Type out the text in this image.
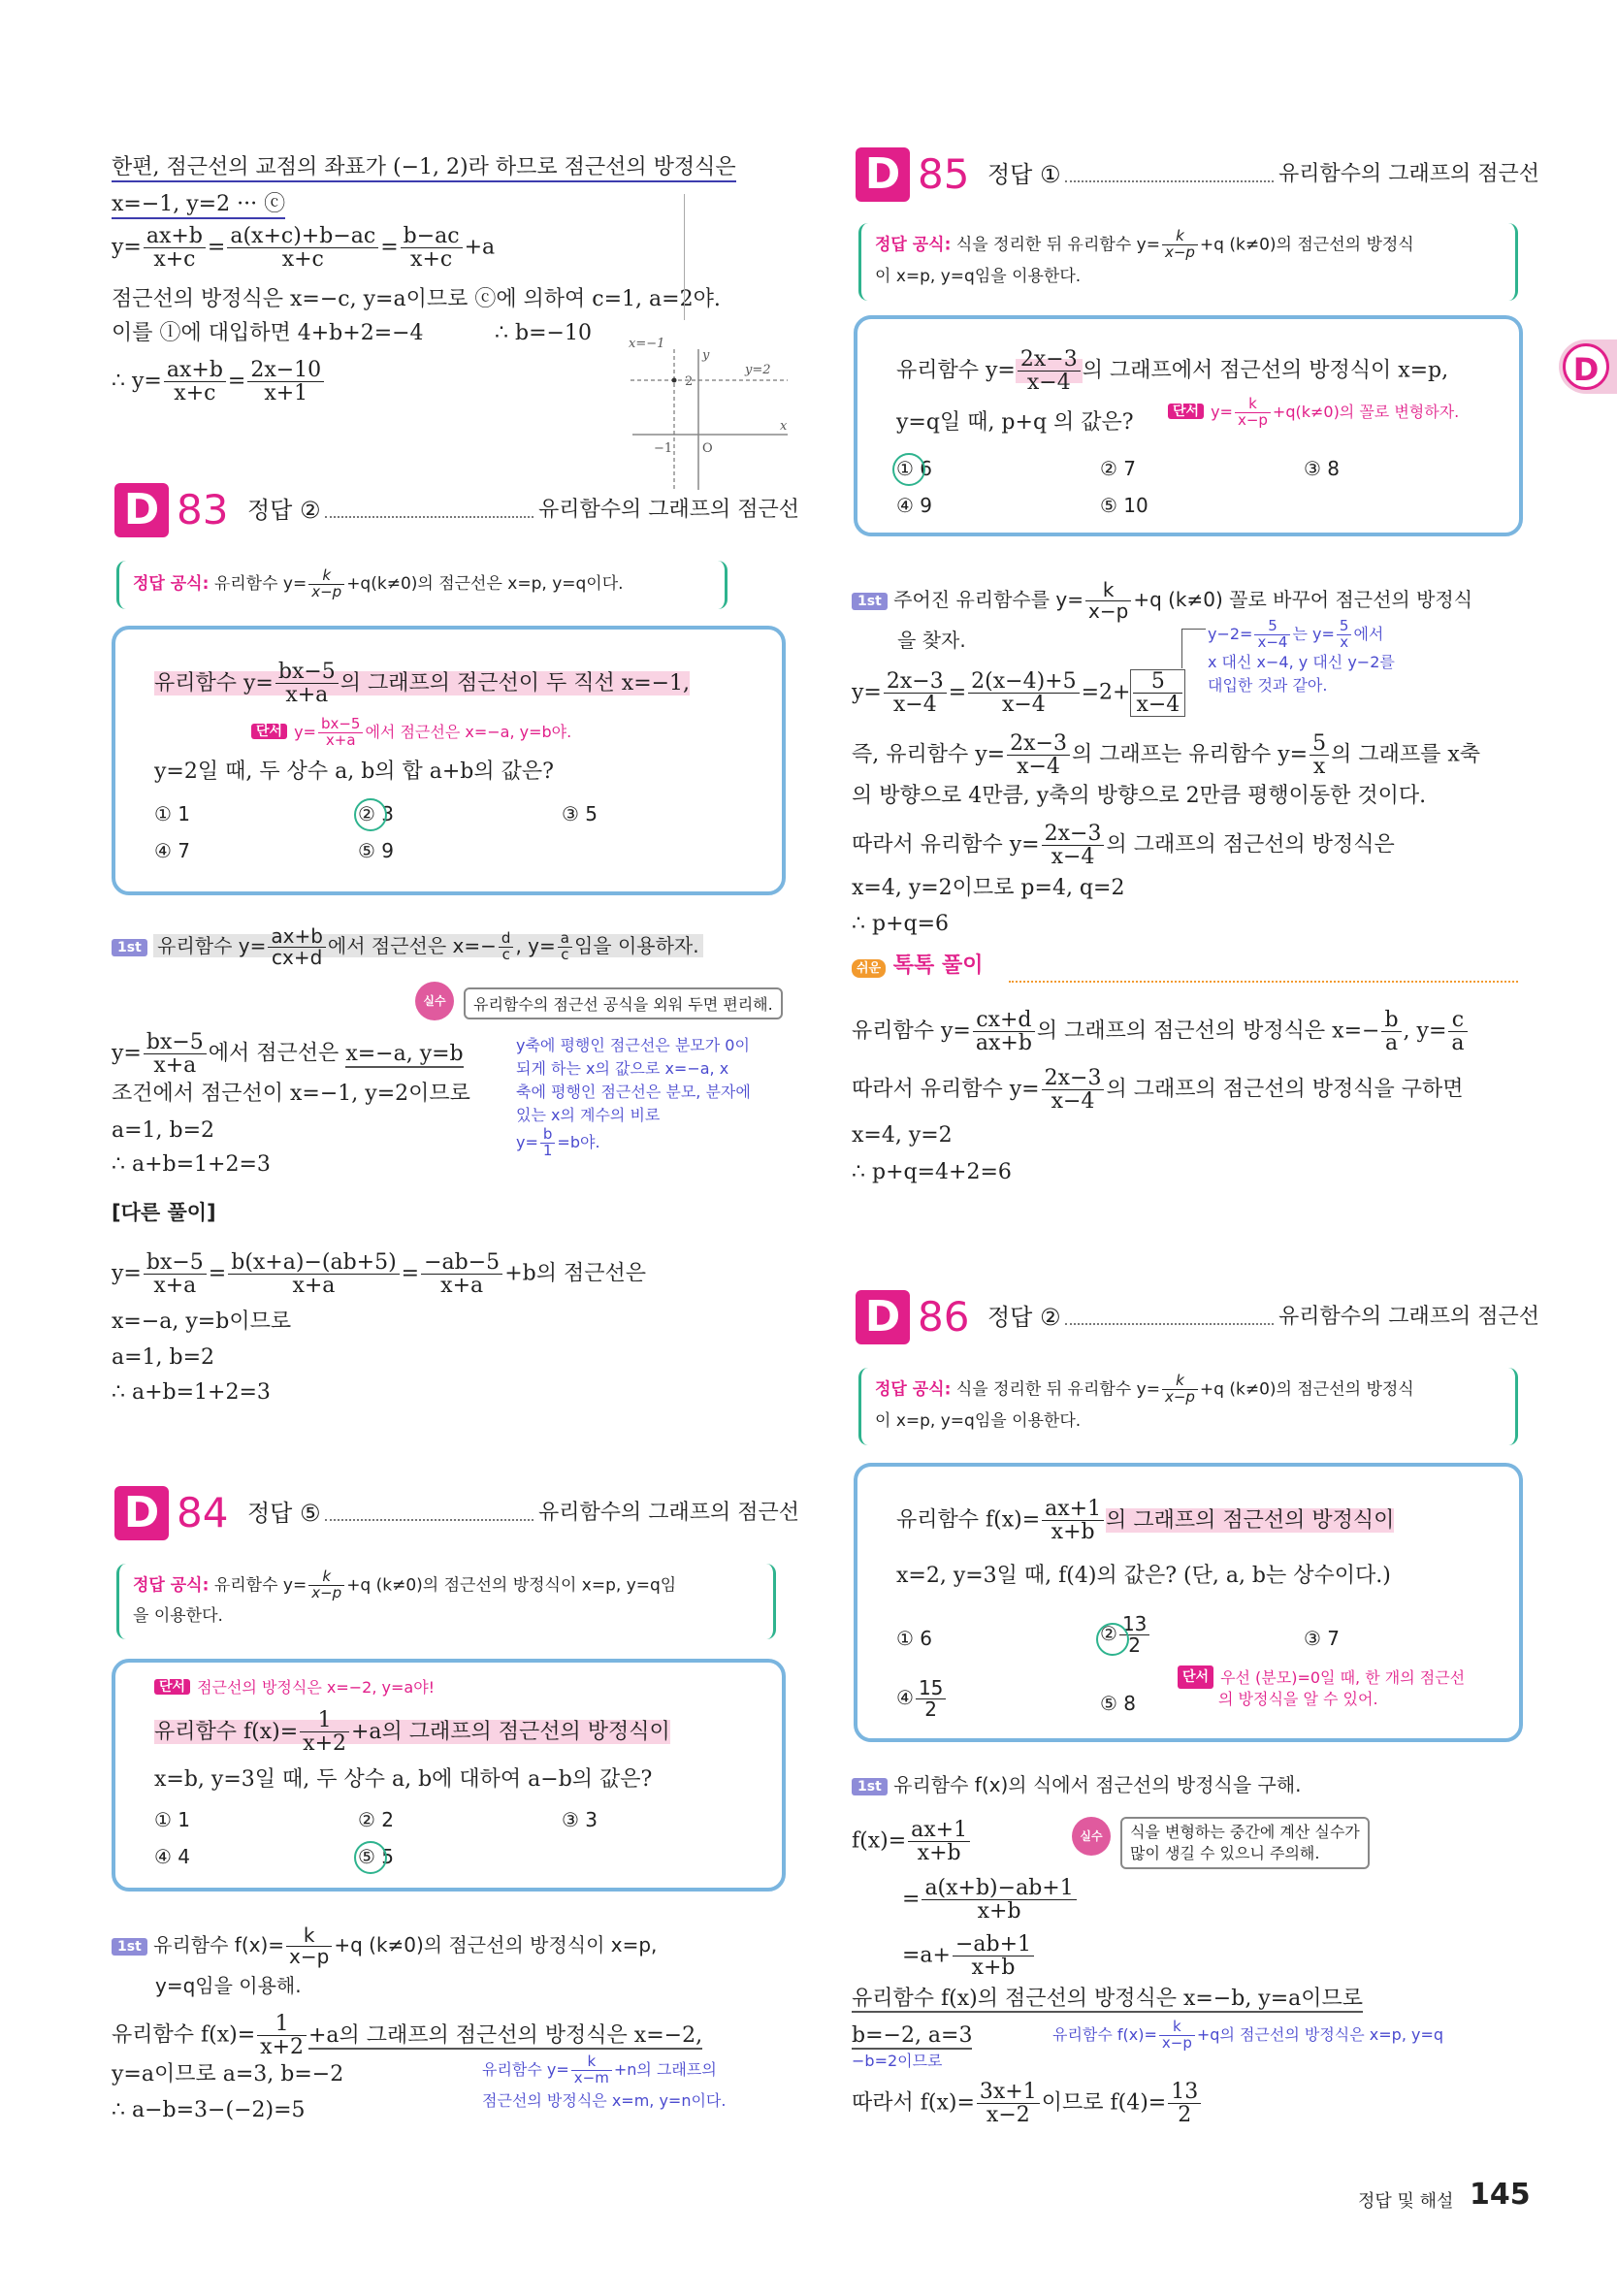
한편, 점근선의 교점의 좌표가 (−1, 2)라 하므로 점근선의 방정식은
x=−1, y=2 ··· ⓒ
$y= \frac{ax+b}{x+c} = \frac{a(x+c)+b-ac}{x+c} = \frac{b-ac}{x+c} +a$
점근선의 방정식은 x=−c, y=a이므로 ⓒ에 의하여 c=1, a=2야.
이를 ⓛ에 대입하면 4+b+2=−4	∴ b=−10
∴ $y= \frac{ax+b}{x+c} = \frac{2x-10}{x+1}$
x=−1
y=2
2
−1 O
x
y
D 83 정답 ②	유리함수의 그래프의 점근선
정답 공식: 유리함수 $y= \frac{k}{x-p} +q(k\ne 0)$의 점근선은 x=p, y=q이다.
유리함수 $y= \frac{bx-5}{x+a}$ 의 그래프의 점근선이 두 직선 x=−1,
단서 $y= \frac{bx-5}{x+a}$ 에서 점근선은 x=−a, y=b야.
y=2일 때, 두 상수 a, b의 합 a+b의 값은?
① 1	② 3	③ 5
④ 7	⑤ 9
1st 유리함수 $y= \frac{ax+b}{cx+d}$ 에서 점근선은 $x=- \frac{d}{c}$ , $y= \frac{a}{c}$ 임을 이용하자.
실수	유리함수의 점근선 공식을 외워 두면 편리해.
$y= \frac{bx-5}{x+a}$ 에서 점근선은 x=−a, y=b
조건에서 점근선이 x=−1, y=2이므로
a=1, b=2
∴ a+b=1+2=3
y축에 평행인 점근선은 분모가 0이
되게 하는 x의 값으로 x=−a, x
축에 평행인 점근선은 분모, 분자에
있는 x의 계수의 비로
$y= \frac{b}{1} =b$야.
[다른 풀이]
$y= \frac{bx-5}{x+a} = \frac{b(x+a)-(ab+5)}{x+a} = \frac{-ab-5}{x+a} +b$의 점근선은
x=−a, y=b이므로
a=1, b=2
∴ a+b=1+2=3
D 84 정답 ⑤	유리함수의 그래프의 점근선
정답 공식: 유리함수 $y= \frac{k}{x-p} +q$ (k≠0)의 점근선의 방정식이 x=p, y=q임
을 이용한다.
단서 점근선의 방정식은 x=−2, y=a야!
유리함수 $f(x)= \frac{1}{x+2} +a$의 그래프의 점근선의 방정식이
x=b, y=3일 때, 두 상수 a, b에 대하여 a−b의 값은?
① 1	② 2	③ 3
④ 4	⑤ 5
1st 유리함수 $f(x)= \frac{k}{x-p} +q$ (k≠0)의 점근선의 방정식이 x=p,
y=q임을 이용해.
유리함수 $f(x)= \frac{1}{x+2} +a$의 그래프의 점근선의 방정식은 x=−2,
y=a이므로 a=3, b=−2
∴ a−b=3−(−2)=5
유리함수 $y= \frac{k}{x-m} +n$의 그래프의
점근선의 방정식은 x=m, y=n이다.
D 85 정답 ①	유리함수의 그래프의 점근선
정답 공식: 식을 정리한 뒤 유리함수 $y= \frac{k}{x-p} +q$ (k≠0)의 점근선의 방정식
이 x=p, y=q임을 이용한다.
유리함수 $y= \frac{2x-3}{x-4}$ 의 그래프에서 점근선의 방정식이 x=p,
y=q일 때, p+q 의 값은?	단서 $y= \frac{k}{x-p} +q(k\ne 0)$의 꼴로 변형하자.
① 6	② 7	③ 8
④ 9	⑤ 10
1st 주어진 유리함수를 $y= \frac{k}{x-p} +q$ (k≠0) 꼴로 바꾸어 점근선의 방정식
을 찾자.	$y-2= \frac{5}{x-4}$ 는 $y= \frac{5}{x}$ 에서
x 대신 x−4, y 대신 y−2를
대입한 것과 같아.
$y= \frac{2x-3}{x-4} = \frac{2(x-4)+5}{x-4} =2+ \frac{5}{x-4}$
즉, 유리함수 $y= \frac{2x-3}{x-4}$ 의 그래프는 유리함수 $y= \frac{5}{x}$ 의 그래프를 x축
의 방향으로 4만큼, y축의 방향으로 2만큼 평행이동한 것이다.
따라서 유리함수 $y= \frac{2x-3}{x-4}$ 의 그래프의 점근선의 방정식은
x=4, y=2이므로 p=4, q=2
∴ p+q=6
쉬운 톡톡 풀이
유리함수 $y= \frac{cx+d}{ax+b}$ 의 그래프의 점근선의 방정식은 $x=- \frac{b}{a}$ , $y= \frac{c}{a}$
따라서 유리함수 $y= \frac{2x-3}{x-4}$ 의 그래프의 점근선의 방정식을 구하면
x=4, y=2
∴ p+q=4+2=6
D 86 정답 ②	유리함수의 그래프의 점근선
정답 공식: 식을 정리한 뒤 유리함수 $y= \frac{k}{x-p} +q$ (k≠0)의 점근선의 방정식
이 x=p, y=q임을 이용한다.
유리함수 $f(x)= \frac{ax+1}{x+b}$ 의 그래프의 점근선의 방정식이
x=2, y=3일 때, f(4)의 값은? (단, a, b는 상수이다.)
① 6	② $\frac{13}{2}$	③ 7
④ $\frac{15}{2}$	⑤ 8
단서 우선 (분모)=0일 때, 한 개의 점근선
의 방정식을 알 수 있어.
1st 유리함수 f(x)의 식에서 점근선의 방정식을 구해.
실수	식을 변형하는 중간에 계산 실수가
많이 생길 수 있으니 주의해.
$f(x)= \frac{ax+1}{x+b}$
= $\frac{a(x+b)-ab+1}{x+b}$
$=a+ \frac{-ab+1}{x+b}$
유리함수 f(x)의 점근선의 방정식은 x=−b, y=a이므로
b=−2, a=3	유리함수 $f(x)= \frac{k}{x-p} +q$의 점근선의 방정식은 x=p, y=q
−b=2이므로
따라서 $f(x)= \frac{3x+1}{x-2}$ 이므로 $f(4)= \frac{13}{2}$
D
정답 및 해설 145
